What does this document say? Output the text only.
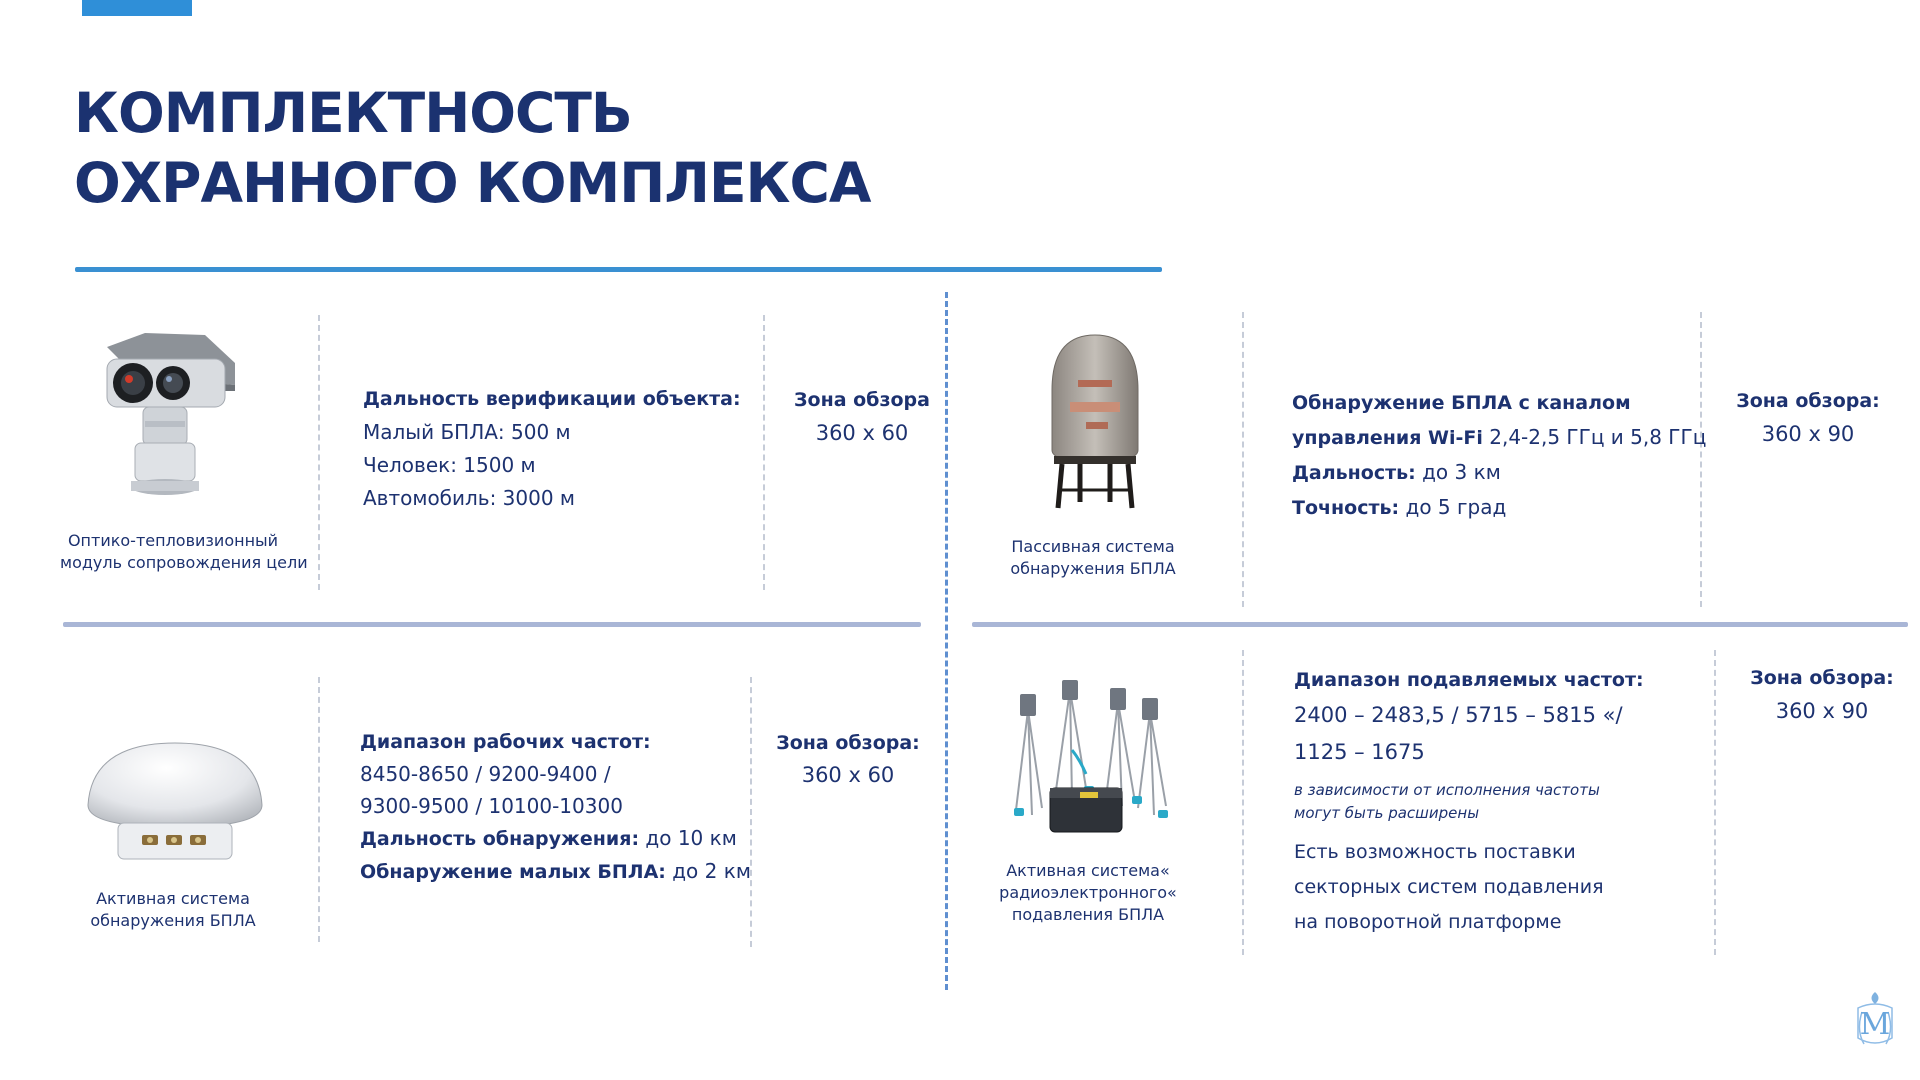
КОМПЛЕКТНОСТЬ
ОХРАННОГО КОМПЛЕКСА
Оптико-тепловизионный
модуль сопровождения цели
Дальность верификации объекта:
Малый БПЛА: 500 м
Человек: 1500 м
Автомобиль: 3000 м
Зона обзора
360 x 60
Пассивная система
обнаружения БПЛА
Обнаружение БПЛА с каналом
управления Wi-Fi 2,4-2,5 ГГц и 5,8 ГГц
Дальность: до 3 км
Точность: до 5 град
Зона обзора:
360 x 90
Активная система
обнаружения БПЛА
Диапазон рабочих частот:
8450-8650 / 9200-9400 /
9300-9500 / 10100-10300
Дальность обнаружения: до 10 км
Обнаружение малых БПЛА: до 2 км
Зона обзора:
360 x 60
Активная система«
радиоэлектронного«
подавления БПЛА
Диапазон подавляемых частот:
2400 – 2483,5 / 5715 – 5815 «/
1125 – 1675
в зависимости от исполнения частоты
могут быть расширены
Есть возможность поставки
секторных систем подавления
на поворотной платформе
Зона обзора:
360 x 90
М
